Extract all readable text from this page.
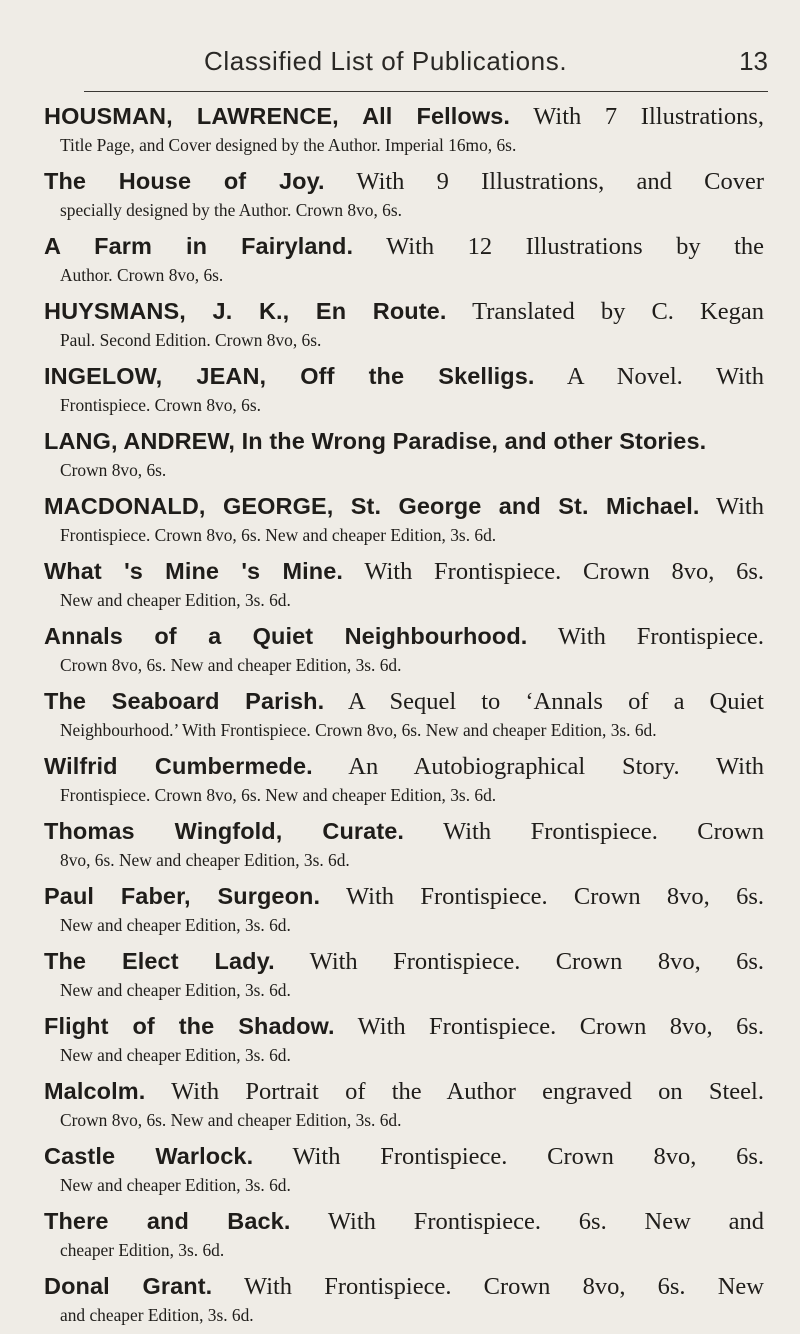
Classified List of Publications.	13
HOUSMAN, LAWRENCE, All Fellows. With 7 Illustrations,
Title Page, and Cover designed by the Author. Imperial 16mo, 6s.
The House of Joy. With 9 Illustrations, and Cover
specially designed by the Author. Crown 8vo, 6s.
A Farm in Fairyland. With 12 Illustrations by the
Author. Crown 8vo, 6s.
HUYSMANS, J. K., En Route. Translated by C. Kegan
Paul. Second Edition. Crown 8vo, 6s.
INGELOW, JEAN, Off the Skelligs. A Novel. With
Frontispiece. Crown 8vo, 6s.
LANG, ANDREW, In the Wrong Paradise, and other Stories.
Crown 8vo, 6s.
MACDONALD, GEORGE, St. George and St. Michael. With
Frontispiece. Crown 8vo, 6s. New and cheaper Edition, 3s. 6d.
What 's Mine 's Mine. With Frontispiece. Crown 8vo, 6s.
New and cheaper Edition, 3s. 6d.
Annals of a Quiet Neighbourhood. With Frontispiece.
Crown 8vo, 6s. New and cheaper Edition, 3s. 6d.
The Seaboard Parish. A Sequel to ‘Annals of a Quiet
Neighbourhood.’ With Frontispiece. Crown 8vo, 6s. New and cheaper Edition, 3s. 6d.
Wilfrid Cumbermede. An Autobiographical Story. With
Frontispiece. Crown 8vo, 6s. New and cheaper Edition, 3s. 6d.
Thomas Wingfold, Curate. With Frontispiece. Crown
8vo, 6s. New and cheaper Edition, 3s. 6d.
Paul Faber, Surgeon. With Frontispiece. Crown 8vo, 6s.
New and cheaper Edition, 3s. 6d.
The Elect Lady. With Frontispiece. Crown 8vo, 6s.
New and cheaper Edition, 3s. 6d.
Flight of the Shadow. With Frontispiece. Crown 8vo, 6s.
New and cheaper Edition, 3s. 6d.
Malcolm. With Portrait of the Author engraved on Steel.
Crown 8vo, 6s. New and cheaper Edition, 3s. 6d.
Castle Warlock. With Frontispiece. Crown 8vo, 6s.
New and cheaper Edition, 3s. 6d.
There and Back. With Frontispiece. 6s. New and
cheaper Edition, 3s. 6d.
Donal Grant. With Frontispiece. Crown 8vo, 6s. New
and cheaper Edition, 3s. 6d.
